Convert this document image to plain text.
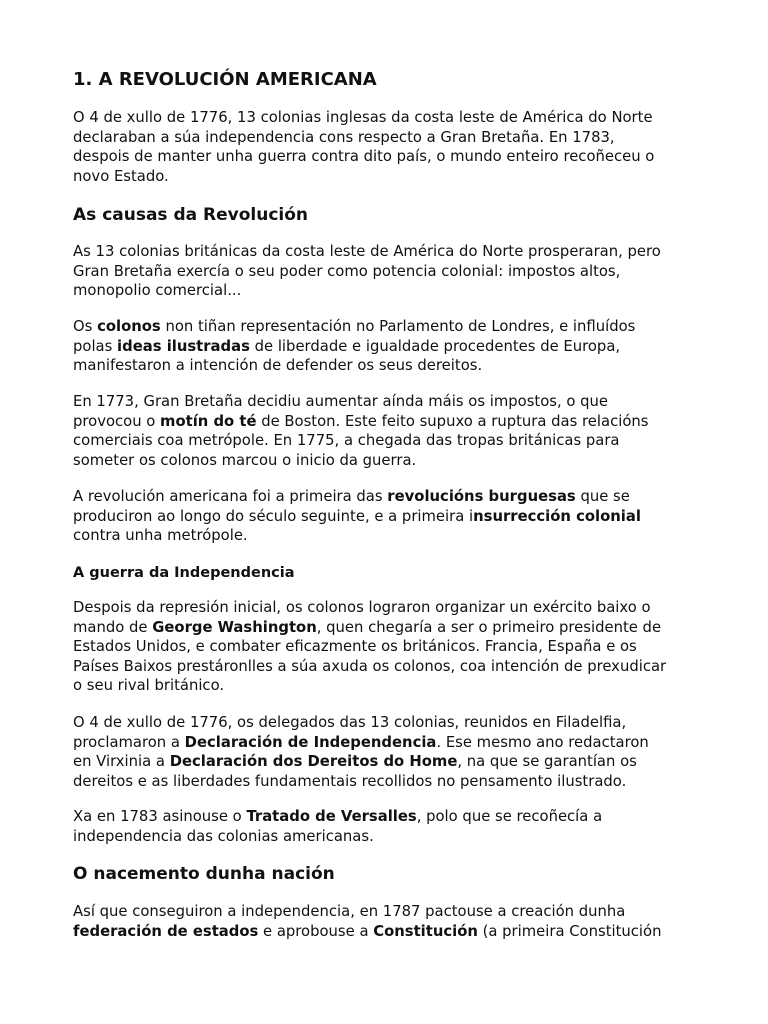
1. A REVOLUCIÓN AMERICANA

O 4 de xullo de 1776, 13 colonias inglesas da costa leste de América do Norte
declaraban a súa independencia cons respecto a Gran Bretaña. En 1783,
despois de manter unha guerra contra dito país, o mundo enteiro recoñeceu o
novo Estado.

As causas da Revolución

As 13 colonias británicas da costa leste de América do Norte prosperaran, pero
Gran Bretaña exercía o seu poder como potencia colonial: impostos altos,
monopolio comercial...

Os colonos non tiñan representación no Parlamento de Londres, e influídos
polas ideas ilustradas de liberdade e igualdade procedentes de Europa,
manifestaron a intención de defender os seus dereitos.

En 1773, Gran Bretaña decidiu aumentar aínda máis os impostos, o que
provocou o motín do té de Boston. Este feito supuxo a ruptura das relacións
comerciais coa metrópole. En 1775, a chegada das tropas británicas para
someter os colonos marcou o inicio da guerra.

A revolución americana foi a primeira das revolucións burguesas que se
produciron ao longo do século seguinte, e a primeira insurrección colonial
contra unha metrópole.

A guerra da Independencia

Despois da represión inicial, os colonos lograron organizar un exército baixo o
mando de George Washington, quen chegaría a ser o primeiro presidente de
Estados Unidos, e combater eficazmente os británicos. Francia, España e os
Países Baixos prestáronlles a súa axuda os colonos, coa intención de prexudicar
o seu rival británico.

O 4 de xullo de 1776, os delegados das 13 colonias, reunidos en Filadelfia,
proclamaron a Declaración de Independencia. Ese mesmo ano redactaron
en Virxinia a Declaración dos Dereitos do Home, na que se garantían os
dereitos e as liberdades fundamentais recollidos no pensamento ilustrado.

Xa en 1783 asinouse o Tratado de Versalles, polo que se recoñecía a
independencia das colonias americanas.

O nacemento dunha nación

Así que conseguiron a independencia, en 1787 pactouse a creación dunha
federación de estados e aprobouse a Constitución (a primeira Constitución
